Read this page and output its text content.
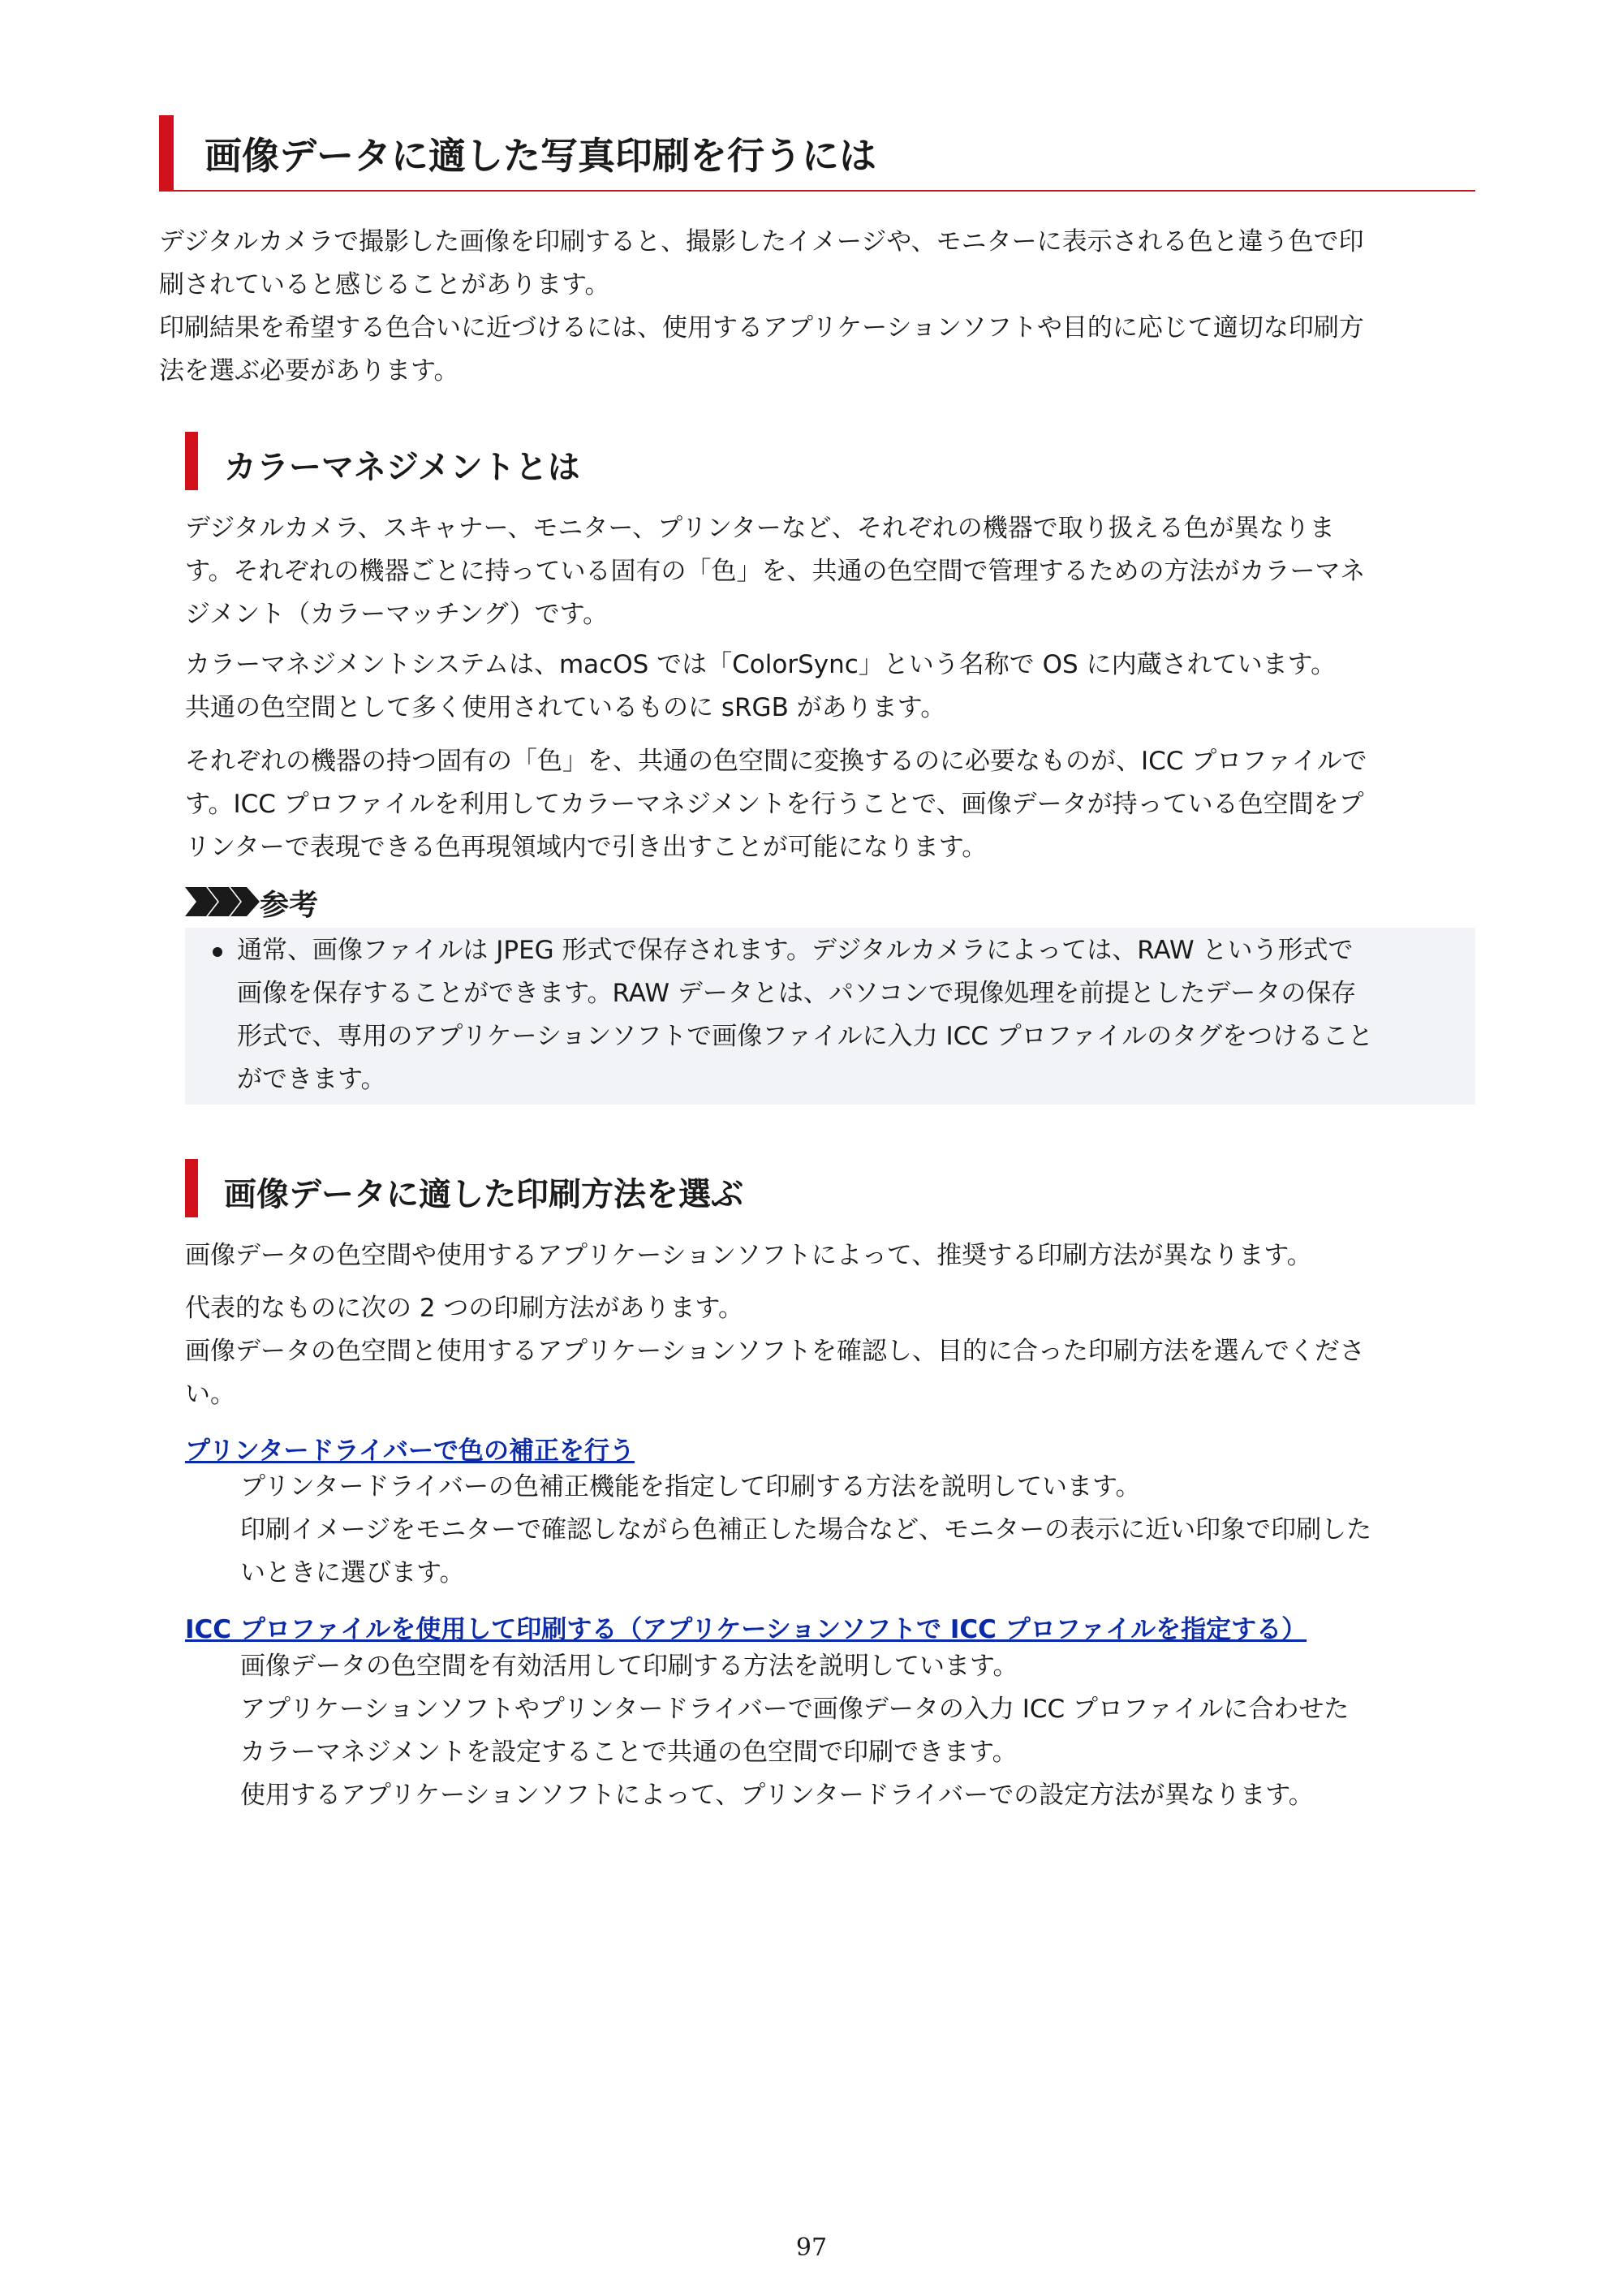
画像データに適した写真印刷を行うには

デジタルカメラで撮影した画像を印刷すると、撮影したイメージや、モニターに表示される色と違う色で印

刷されていると感じることがあります。

印刷結果を希望する色合いに近づけるには、使用するアプリケーションソフトや目的に応じて適切な印刷方

法を選ぶ必要があります。

カラーマネジメントとは

デジタルカメラ、スキャナー、モニター、プリンターなど、それぞれの機器で取り扱える色が異なりま

す。それぞれの機器ごとに持っている固有の「色」を、共通の色空間で管理するための方法がカラーマネ

ジメント（カラーマッチング）です。

カラーマネジメントシステムは、macOS では「ColorSync」という名称で OS に内蔵されています。

共通の色空間として多く使用されているものに sRGB があります。

それぞれの機器の持つ固有の「色」を、共通の色空間に変換するのに必要なものが、ICC プロファイルで

す。ICC プロファイルを利用してカラーマネジメントを行うことで、画像データが持っている色空間をプ

リンターで表現できる色再現領域内で引き出すことが可能になります。

参考

通常、画像ファイルは JPEG 形式で保存されます。デジタルカメラによっては、RAW という形式で

画像を保存することができます。RAW データとは、パソコンで現像処理を前提としたデータの保存

形式で、専用のアプリケーションソフトで画像ファイルに入力 ICC プロファイルのタグをつけること

ができます。

画像データに適した印刷方法を選ぶ

画像データの色空間や使用するアプリケーションソフトによって、推奨する印刷方法が異なります。

代表的なものに次の 2 つの印刷方法があります。

画像データの色空間と使用するアプリケーションソフトを確認し、目的に合った印刷方法を選んでくださ

い。

プリンタードライバーで色の補正を行う

プリンタードライバーの色補正機能を指定して印刷する方法を説明しています。

印刷イメージをモニターで確認しながら色補正した場合など、モニターの表示に近い印象で印刷した

いときに選びます。

ICC プロファイルを使用して印刷する（アプリケーションソフトで ICC プロファイルを指定する）

画像データの色空間を有効活用して印刷する方法を説明しています。

アプリケーションソフトやプリンタードライバーで画像データの入力 ICC プロファイルに合わせた

カラーマネジメントを設定することで共通の色空間で印刷できます。

使用するアプリケーションソフトによって、プリンタードライバーでの設定方法が異なります。

97
